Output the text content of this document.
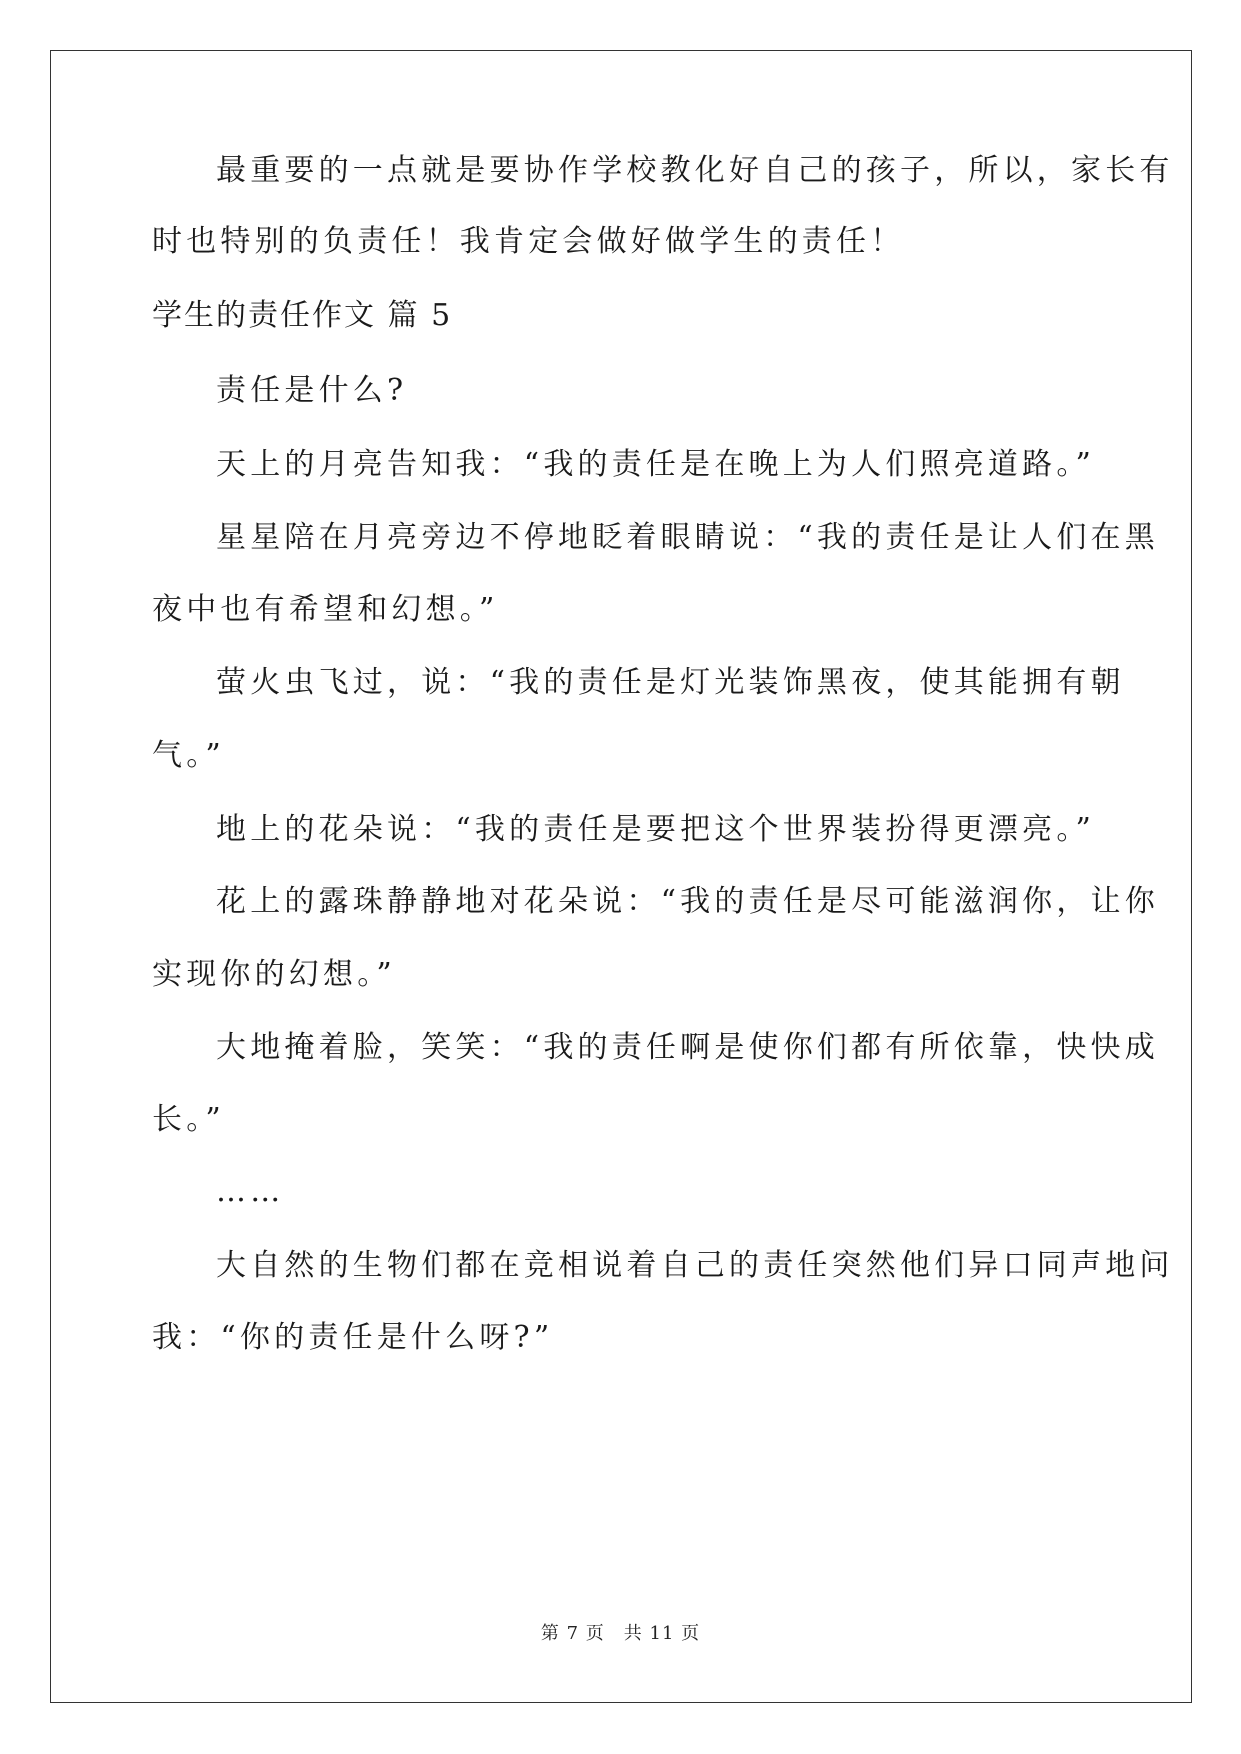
最重要的一点就是要协作学校教化好自己的孩子，所以，家长有
时也特别的负责任！我肯定会做好做学生的责任！
学生的责任作文 篇 5
责任是什么?
天上的月亮告知我：“我的责任是在晚上为人们照亮道路。”
星星陪在月亮旁边不停地眨着眼睛说：“我的责任是让人们在黑
夜中也有希望和幻想。”
萤火虫飞过，说：“我的责任是灯光装饰黑夜，使其能拥有朝
气。”
地上的花朵说：“我的责任是要把这个世界装扮得更漂亮。”
花上的露珠静静地对花朵说：“我的责任是尽可能滋润你，让你
实现你的幻想。”
大地掩着脸，笑笑：“我的责任啊是使你们都有所依靠，快快成
长。”
……
大自然的生物们都在竞相说着自己的责任突然他们异口同声地问
我：“你的责任是什么呀?”
第 7 页　共 11 页
